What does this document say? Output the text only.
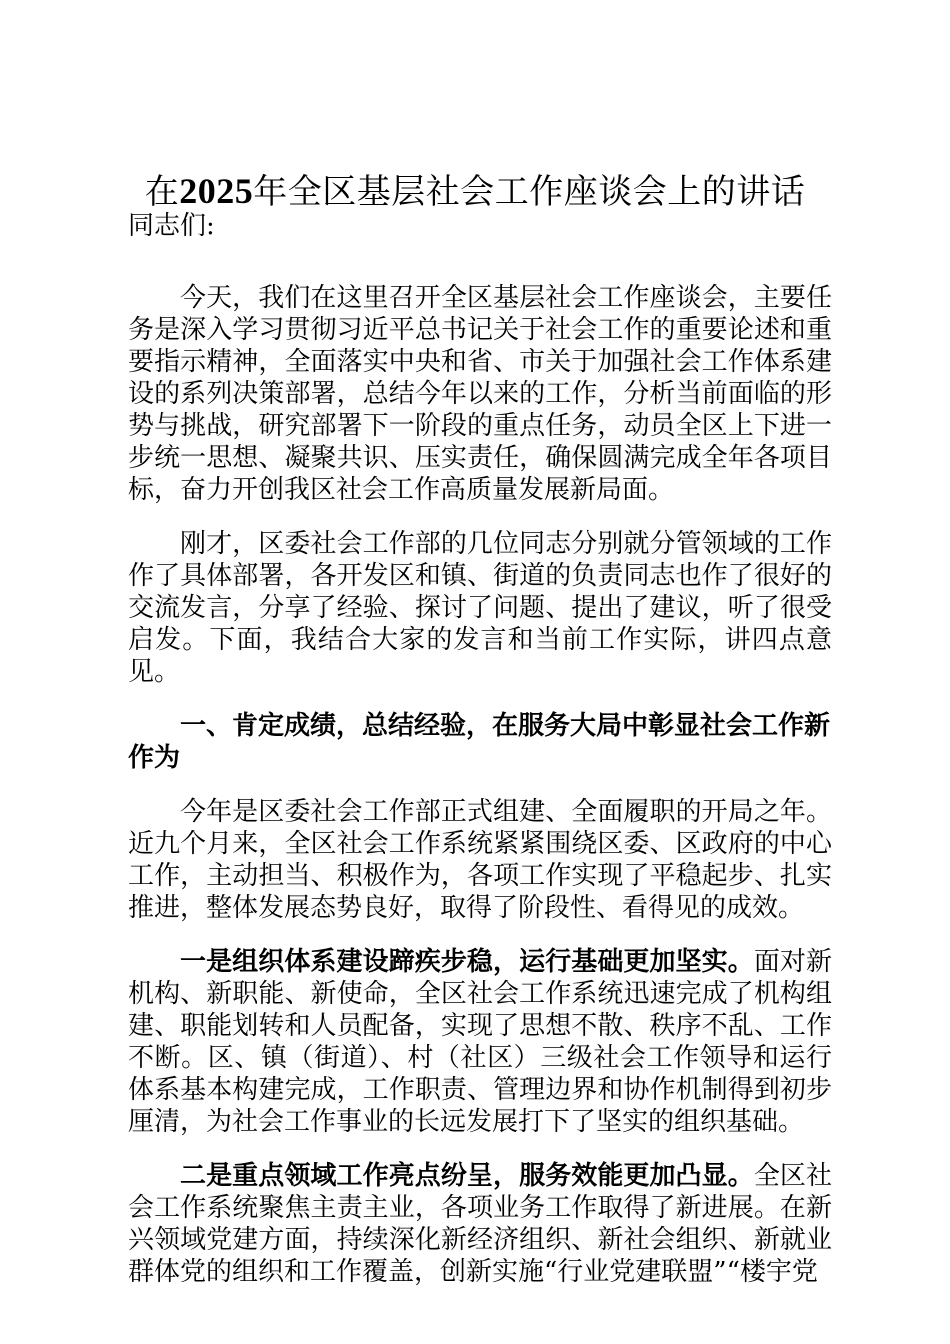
在2025年全区基层社会工作座谈会上的讲话
同志们:

今天，我们在这里召开全区基层社会工作座谈会，主要任务是深入学习贯彻习近平总书记关于社会工作的重要论述和重要指示精神，全面落实中央和省、市关于加强社会工作体系建设的系列决策部署，总结今年以来的工作，分析当前面临的形势与挑战，研究部署下一阶段的重点任务，动员全区上下进一步统一思想、凝聚共识、压实责任，确保圆满完成全年各项目标，奋力开创我区社会工作高质量发展新局面。

刚才，区委社会工作部的几位同志分别就分管领域的工作作了具体部署，各开发区和镇、街道的负责同志也作了很好的交流发言，分享了经验、探讨了问题、提出了建议，听了很受启发。下面，我结合大家的发言和当前工作实际，讲四点意见。

一、肯定成绩，总结经验，在服务大局中彰显社会工作新作为

今年是区委社会工作部正式组建、全面履职的开局之年。近九个月来，全区社会工作系统紧紧围绕区委、区政府的中心工作，主动担当、积极作为，各项工作实现了平稳起步、扎实推进，整体发展态势良好，取得了阶段性、看得见的成效。

一是组织体系建设蹄疾步稳，运行基础更加坚实。面对新机构、新职能、新使命，全区社会工作系统迅速完成了机构组建、职能划转和人员配备，实现了思想不散、秩序不乱、工作不断。区、镇（街道）、村（社区）三级社会工作领导和运行体系基本构建完成，工作职责、管理边界和协作机制得到初步厘清，为社会工作事业的长远发展打下了坚实的组织基础。

二是重点领域工作亮点纷呈，服务效能更加凸显。全区社会工作系统聚焦主责主业，各项业务工作取得了新进展。在新兴领域党建方面，持续深化新经济组织、新社会组织、新就业群体党的组织和工作覆盖，创新实施“行业党建联盟”“楼宇党
